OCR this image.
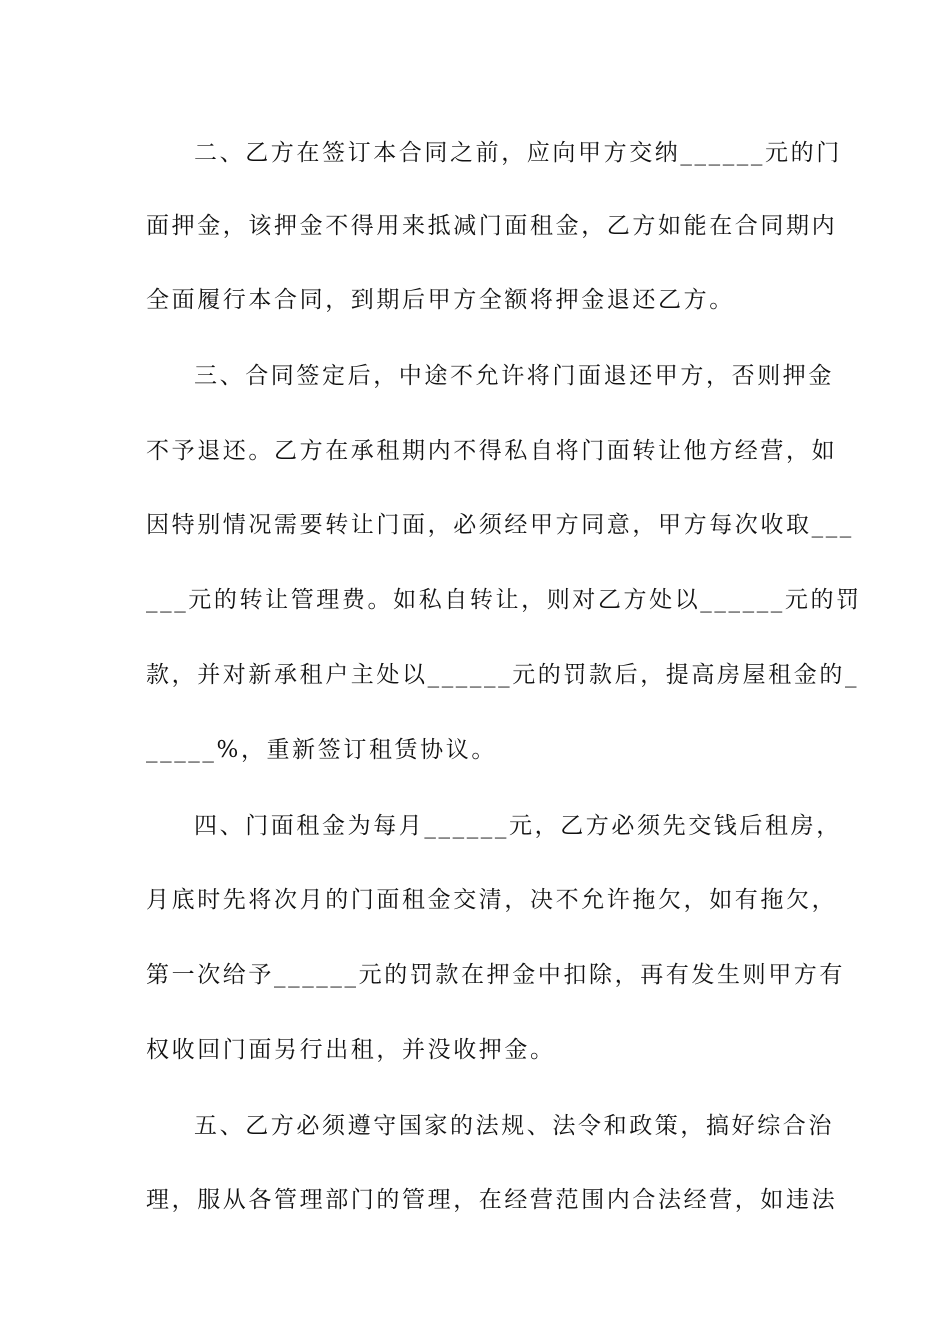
二、乙方在签订本合同之前，应向甲方交纳______元的门
面押金，该押金不得用来抵减门面租金，乙方如能在合同期内
全面履行本合同，到期后甲方全额将押金退还乙方。
三、合同签定后，中途不允许将门面退还甲方，否则押金
不予退还。乙方在承租期内不得私自将门面转让他方经营，如
因特别情况需要转让门面，必须经甲方同意，甲方每次收取___
___元的转让管理费。如私自转让，则对乙方处以______元的罚
款，并对新承租户主处以______元的罚款后，提高房屋租金的_
_____%，重新签订租赁协议。
四、门面租金为每月______元，乙方必须先交钱后租房，
月底时先将次月的门面租金交清，决不允许拖欠，如有拖欠，
第一次给予______元的罚款在押金中扣除，再有发生则甲方有
权收回门面另行出租，并没收押金。
五、乙方必须遵守国家的法规、法令和政策，搞好综合治
理，服从各管理部门的管理，在经营范围内合法经营，如违法
